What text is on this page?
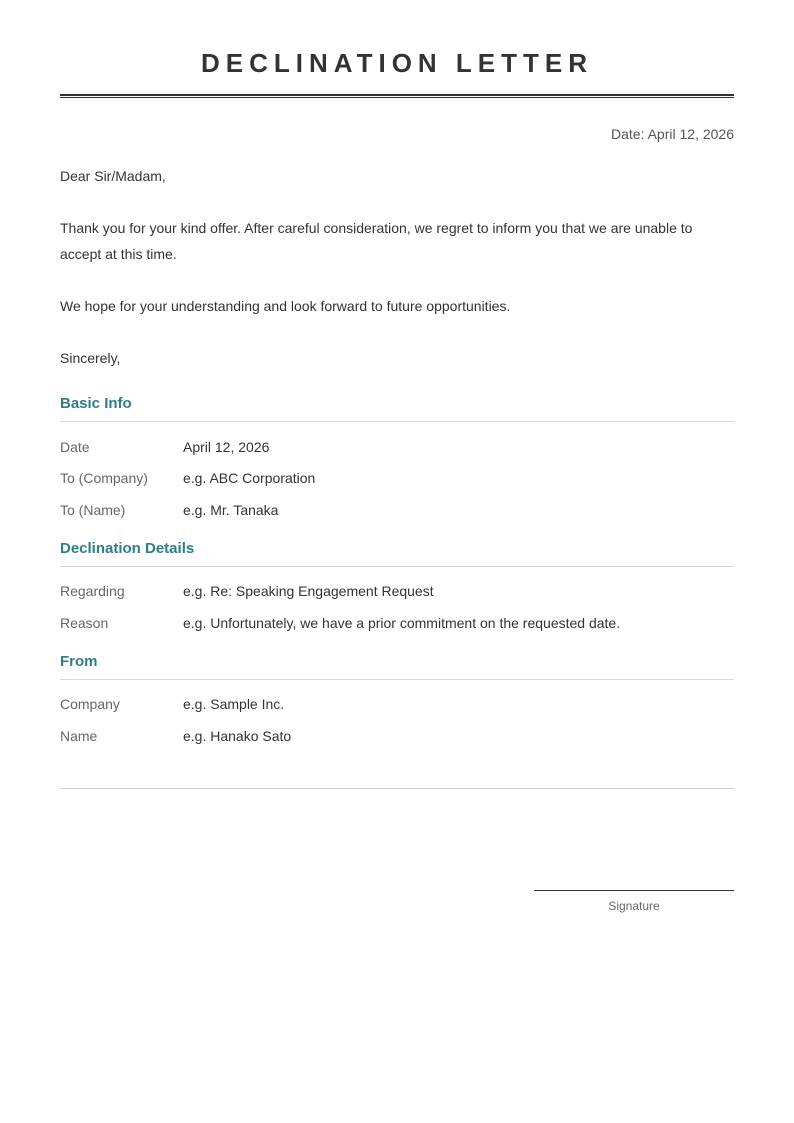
DECLINATION LETTER
Date: April 12, 2026
Dear Sir/Madam,
Thank you for your kind offer. After careful consideration, we regret to inform you that we are unable to accept at this time.
We hope for your understanding and look forward to future opportunities.
Sincerely,
Basic Info
Date	April 12, 2026
To (Company)	e.g. ABC Corporation
To (Name)	e.g. Mr. Tanaka
Declination Details
Regarding	e.g. Re: Speaking Engagement Request
Reason	e.g. Unfortunately, we have a prior commitment on the requested date.
From
Company	e.g. Sample Inc.
Name	e.g. Hanako Sato
Signature
